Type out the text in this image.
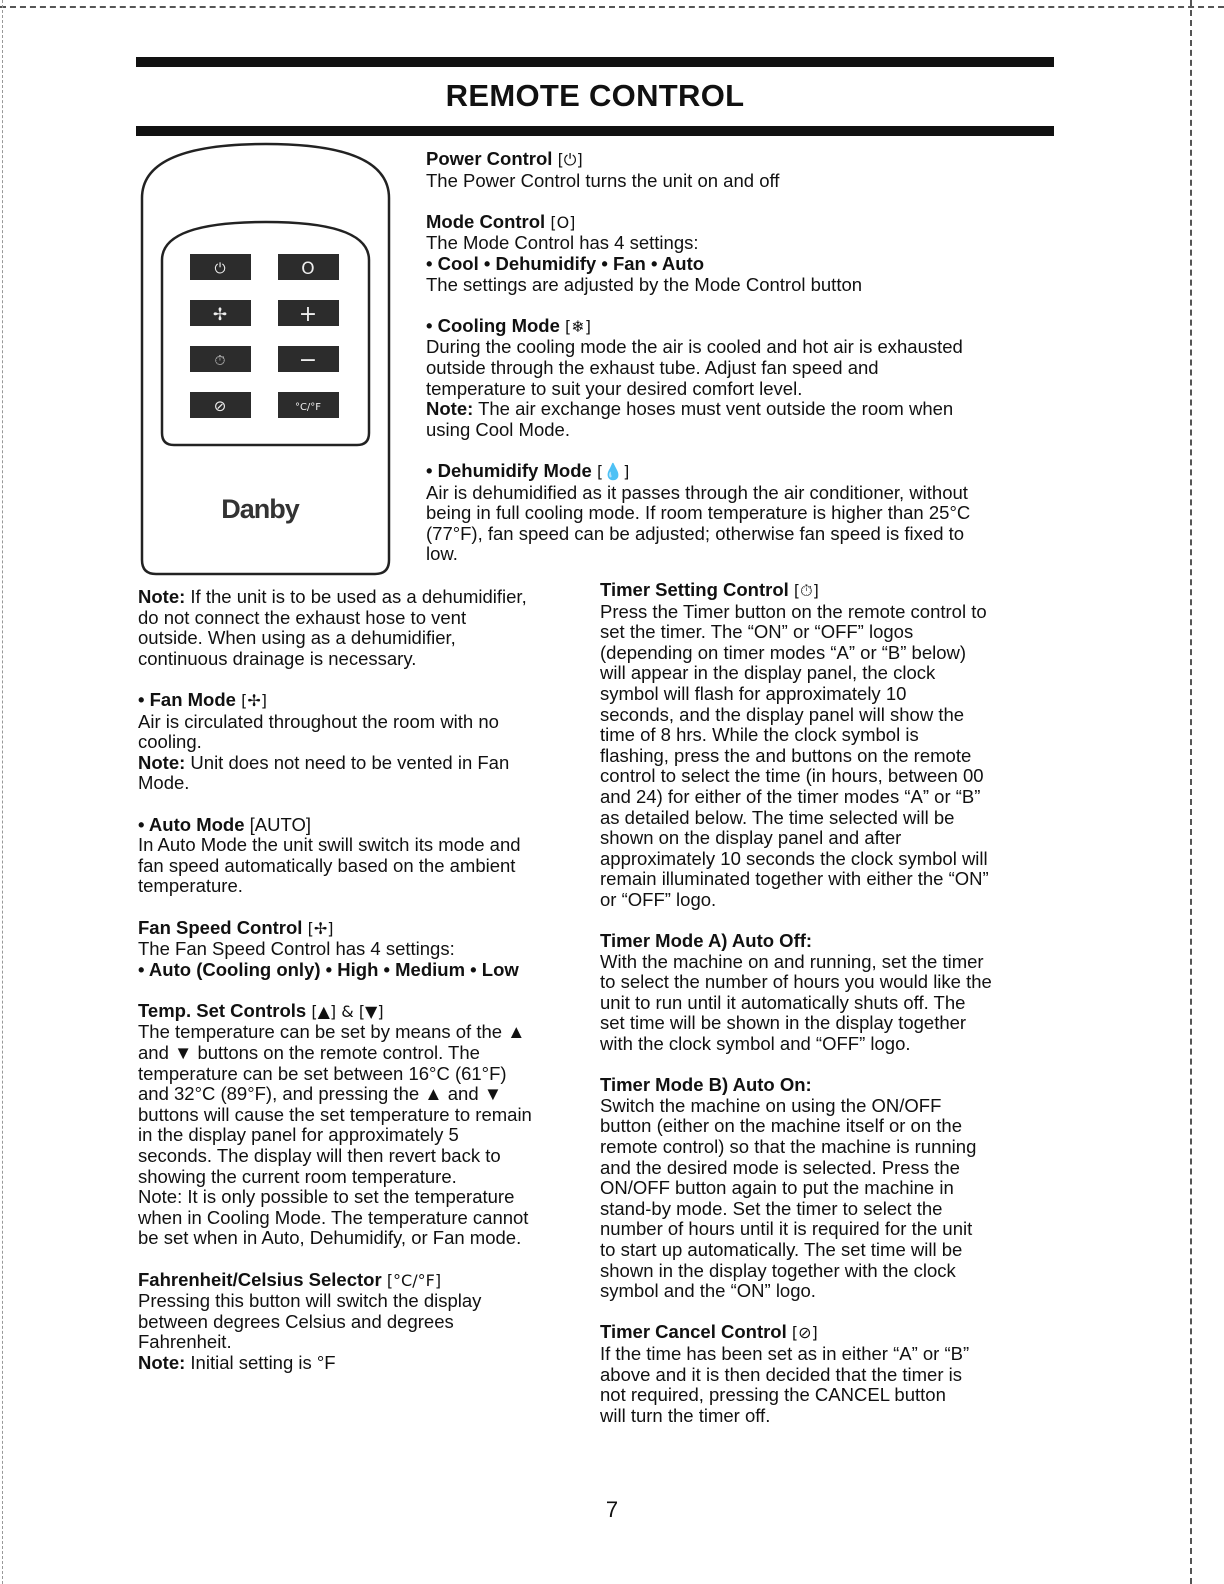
REMOTE CONTROL
⏻	O
✢	+
⏱	−
⊘	°C/°F
Danby

Power Control [⏻]

The Power Control turns the unit on and off

Mode Control [O]

The Mode Control has 4 settings:

• Cool • Dehumidify • Fan • Auto

The settings are adjusted by the Mode Control button

• Cooling Mode [❄]

During the cooling mode the air is cooled and hot air is exhausted

outside through the exhaust tube. Adjust fan speed and

temperature to suit your desired comfort level.

Note: The air exchange hoses must vent outside the room when

using Cool Mode.

• Dehumidify Mode [💧]

Air is dehumidified as it passes through the air conditioner, without

being in full cooling mode. If room temperature is higher than 25°C

(77°F), fan speed can be adjusted; otherwise fan speed is fixed to

low.

Note: If the unit is to be used as a dehumidifier,

do not connect the exhaust hose to vent

outside. When using as a dehumidifier,

continuous drainage is necessary.

• Fan Mode [✢]

Air is circulated throughout the room with no

cooling.

Note: Unit does not need to be vented in Fan

Mode.

• Auto Mode [AUTO]

In Auto Mode the unit swill switch its mode and

fan speed automatically based on the ambient

temperature.

Fan Speed Control [✢]

The Fan Speed Control has 4 settings:

• Auto (Cooling only) • High • Medium • Low

Temp. Set Controls [▲] & [▼]

The temperature can be set by means of the ▲

and ▼ buttons on the remote control. The

temperature can be set between 16°C (61°F)

and 32°C (89°F), and pressing the ▲ and ▼

buttons will cause the set temperature to remain

in the display panel for approximately 5

seconds. The display will then revert back to

showing the current room temperature.

Note: It is only possible to set the temperature

when in Cooling Mode. The temperature cannot

be set when in Auto, Dehumidify, or Fan mode.

Fahrenheit/Celsius Selector [°C/°F]

Pressing this button will switch the display

between degrees Celsius and degrees

Fahrenheit.

Note: Initial setting is °F

Timer Setting Control [⏱]

Press the Timer button on the remote control to

set the timer. The “ON” or “OFF” logos

(depending on timer modes “A” or “B” below)

will appear in the display panel, the clock

symbol will flash for approximately 10

seconds, and the display panel will show the

time of 8 hrs. While the clock symbol is

flashing, press the and buttons on the remote

control to select the time (in hours, between 00

and 24) for either of the timer modes “A” or “B”

as detailed below. The time selected will be

shown on the display panel and after

approximately 10 seconds the clock symbol will

remain illuminated together with either the “ON”

or “OFF” logo.

Timer Mode A) Auto Off:

With the machine on and running, set the timer

to select the number of hours you would like the

unit to run until it automatically shuts off. The

set time will be shown in the display together

with the clock symbol and “OFF” logo.

Timer Mode B) Auto On:

Switch the machine on using the ON/OFF

button (either on the machine itself or on the

remote control) so that the machine is running

and the desired mode is selected. Press the

ON/OFF button again to put the machine in

stand-by mode. Set the timer to select the

number of hours until it is required for the unit

to start up automatically. The set time will be

shown in the display together with the clock

symbol and the “ON” logo.

Timer Cancel Control [⊘]

If the time has been set as in either “A” or “B”

above and it is then decided that the timer is

not required, pressing the CANCEL button

will turn the timer off.

7
